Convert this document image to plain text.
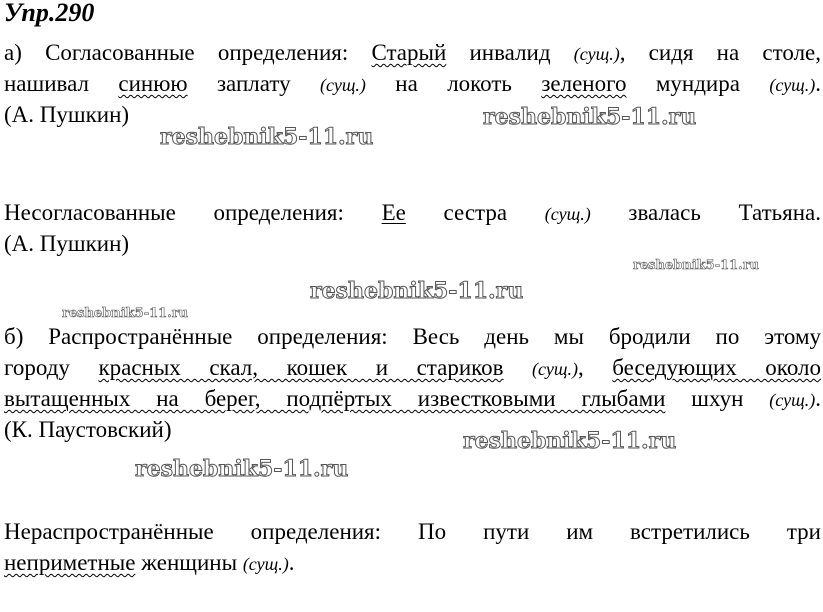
Упр.290
а) Согласованные определения: Старый инвалид (сущ.), сидя на столе,
нашивал синюю заплату (сущ.) на локоть зеленого мундира (сущ.).
(А. Пушкин)
Несогласованные определения: Ее сестра (сущ.) звалась Татьяна.
(А. Пушкин)
б) Распространённые определения: Весь день мы бродили по этому
городу красных скал, кошек и стариков (сущ.), беседующих около
вытащенных на берег, подпёртых известковыми глыбами шхун (сущ.).
(К. Паустовский)
Нераспространённые определения: По пути им встретились три
неприметные женщины (сущ.).
reshebnik5-11.ru
reshebnik5-11.ru
reshebnik5-11.ru
reshebnik5-11.ru
reshebnik5-11.ru
reshebnik5-11.ru
reshebnik5-11.ru
